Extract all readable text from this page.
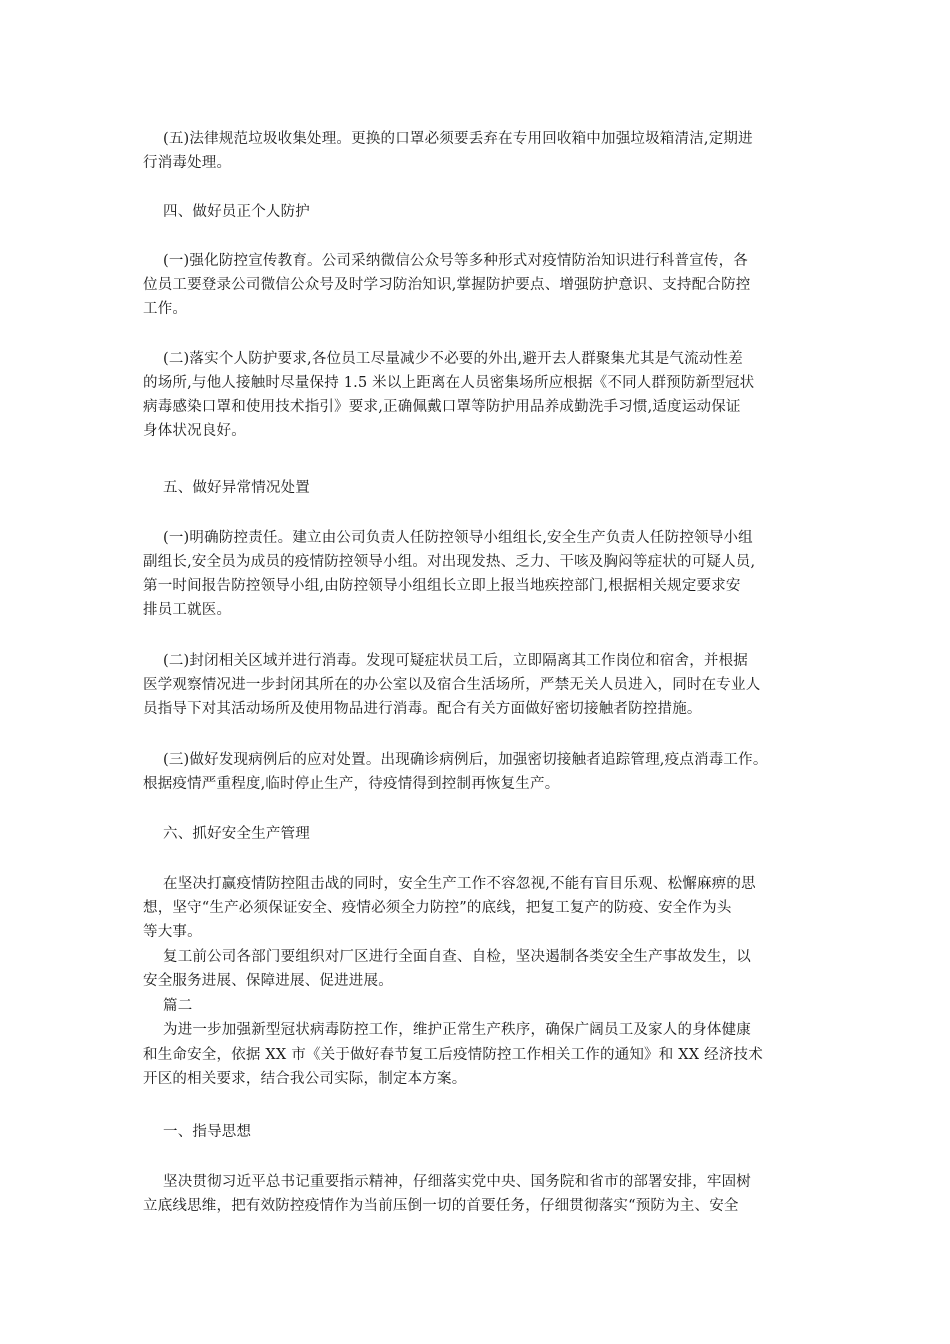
(五)法律规范垃圾收集处理。更换的口罩必须要丢弃在专用回收箱中加强垃圾箱清洁,定期进
行消毒处理。
四、做好员正个人防护
(一)强化防控宣传教育。公司采纳微信公众号等多种形式对疫情防治知识进行科普宣传，各
位员工要登录公司微信公众号及时学习防治知识,掌握防护要点、增强防护意识、支持配合防控
工作。
(二)落实个人防护要求,各位员工尽量减少不必要的外出,避开去人群聚集尤其是气流动性差
的场所,与他人接触时尽量保持 1.5 米以上距离在人员密集场所应根据《不同人群预防新型冠状
病毒感染口罩和使用技术指引》要求,正确佩戴口罩等防护用品养成勤洗手习惯,适度运动保证
身体状况良好。
五、做好异常情况处置
(一)明确防控责任。建立由公司负责人任防控领导小组组长,安全生产负责人任防控领导小组
副组长,安全员为成员的疫情防控领导小组。对出现发热、乏力、干咳及胸闷等症状的可疑人员,
第一时间报告防控领导小组,由防控领导小组组长立即上报当地疾控部门,根据相关规定要求安
排员工就医。
(二)封闭相关区域并进行消毒。发现可疑症状员工后，立即隔离其工作岗位和宿舍，并根据
医学观察情况进一步封闭其所在的办公室以及宿合生活场所，严禁无关人员进入，同时在专业人
员指导下对其活动场所及使用物品进行消毒。配合有关方面做好密切接触者防控措施。
(三)做好发现病例后的应对处置。出现确诊病例后，加强密切接触者追踪管理,疫点消毒工作。
根据疫情严重程度,临时停止生产，待疫情得到控制再恢复生产。
六、抓好安全生产管理
在坚决打赢疫情防控阻击战的同时，安全生产工作不容忽视,不能有盲目乐观、松懈麻痹的思
想，坚守“生产必须保证安全、疫情必须全力防控”的底线，把复工复产的防疫、安全作为头
等大事。
复工前公司各部门要组织对厂区进行全面自查、自检，坚决遏制各类安全生产事故发生，以
安全服务进展、保障进展、促进进展。
篇二
为进一步加强新型冠状病毒防控工作，维护正常生产秩序，确保广阔员工及家人的身体健康
和生命安全，依据 XX 市《关于做好春节复工后疫情防控工作相关工作的通知》和 XX 经济技术
开区的相关要求，结合我公司实际，制定本方案。
一、指导思想
坚决贯彻习近平总书记重要指示精神，仔细落实党中央、国务院和省市的部署安排，牢固树
立底线思维，把有效防控疫情作为当前压倒一切的首要任务，仔细贯彻落实“预防为主、安全
